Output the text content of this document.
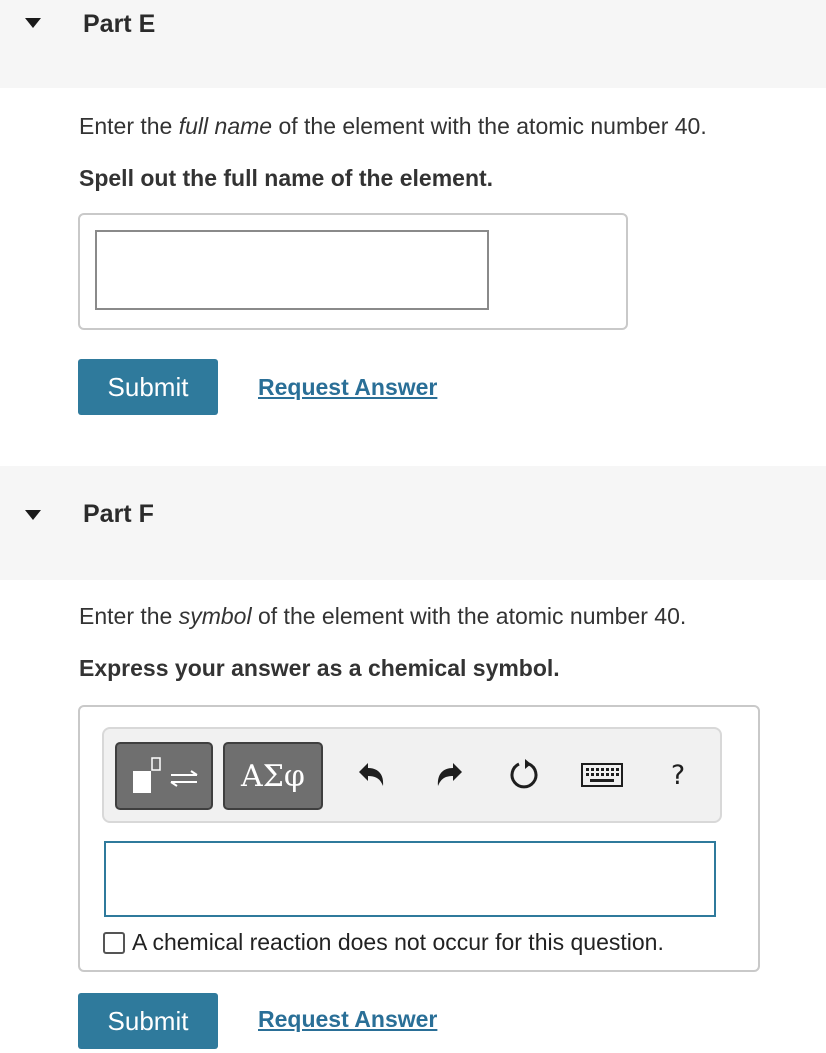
Part E
Enter the full name of the element with the atomic number 40.
Spell out the full name of the element.
Submit	Request Answer
Part F
Enter the symbol of the element with the atomic number 40.
Express your answer as a chemical symbol.
ΑΣφ	?
A chemical reaction does not occur for this question.
Submit	Request Answer
